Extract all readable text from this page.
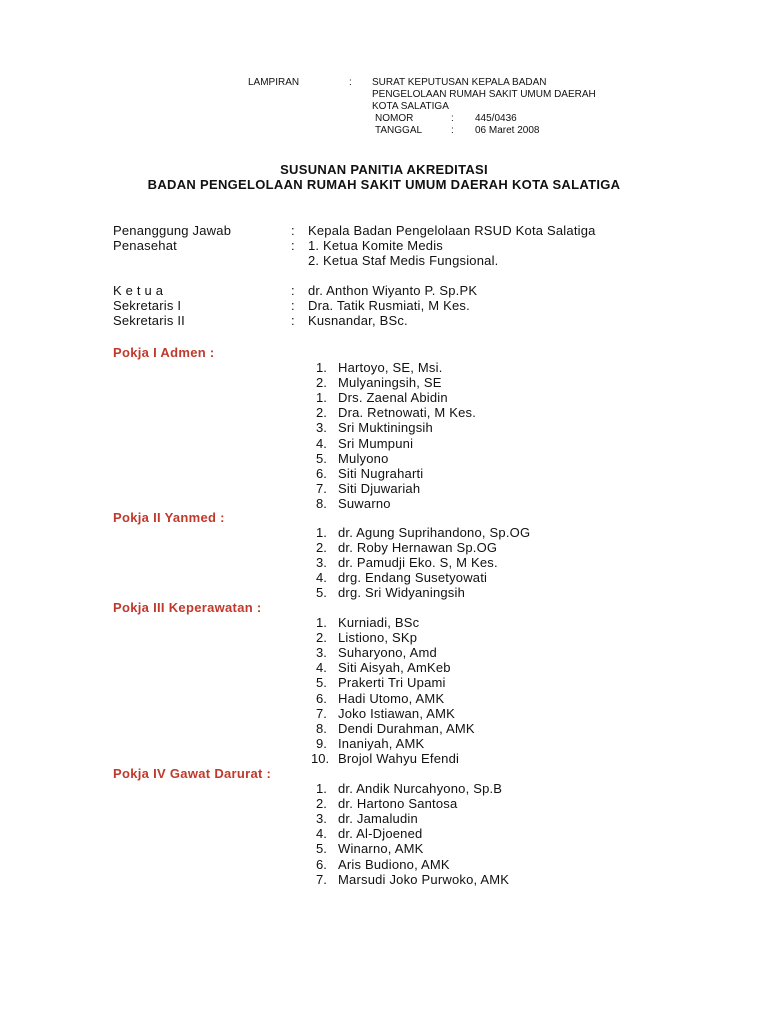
LAMPIRAN	: SURAT KEPUTUSAN KEPALA BADAN
PENGELOLAAN RUMAH SAKIT UMUM DAERAH
KOTA SALATIGA
NOMOR	: 445/0436
TANGGAL	: 06 Maret 2008
SUSUNAN PANITIA AKREDITASI
BADAN PENGELOLAAN RUMAH SAKIT UMUM DAERAH KOTA SALATIGA
Penanggung Jawab	: Kepala Badan Pengelolaan RSUD Kota Salatiga
Penasehat	: 1. Ketua Komite Medis
2. Ketua Staf Medis Fungsional.
K e t u a	: dr. Anthon Wiyanto P. Sp.PK
Sekretaris I	: Dra. Tatik Rusmiati, M Kes.
Sekretaris II	: Kusnandar, BSc.
Pokja I Admen :
1. Hartoyo, SE, Msi.
2. Mulyaningsih, SE
1. Drs. Zaenal Abidin
2. Dra. Retnowati, M Kes.
3. Sri Muktiningsih
4. Sri Mumpuni
5. Mulyono
6. Siti Nugraharti
7. Siti Djuwariah
8. Suwarno
Pokja II Yanmed :
1. dr. Agung Suprihandono, Sp.OG
2. dr. Roby Hernawan Sp.OG
3. dr. Pamudji Eko. S, M Kes.
4. drg. Endang Susetyowati
5. drg. Sri Widyaningsih
Pokja III Keperawatan :
1. Kurniadi, BSc
2. Listiono, SKp
3. Suharyono, Amd
4. Siti Aisyah, AmKeb
5. Prakerti Tri Upami
6. Hadi Utomo, AMK
7. Joko Istiawan, AMK
8. Dendi Durahman, AMK
9. Inaniyah, AMK
10. Brojol Wahyu Efendi
Pokja IV Gawat Darurat :
1. dr. Andik Nurcahyono, Sp.B
2. dr. Hartono Santosa
3. dr. Jamaludin
4. dr. Al-Djoened
5. Winarno, AMK
6. Aris Budiono, AMK
7. Marsudi Joko Purwoko, AMK
